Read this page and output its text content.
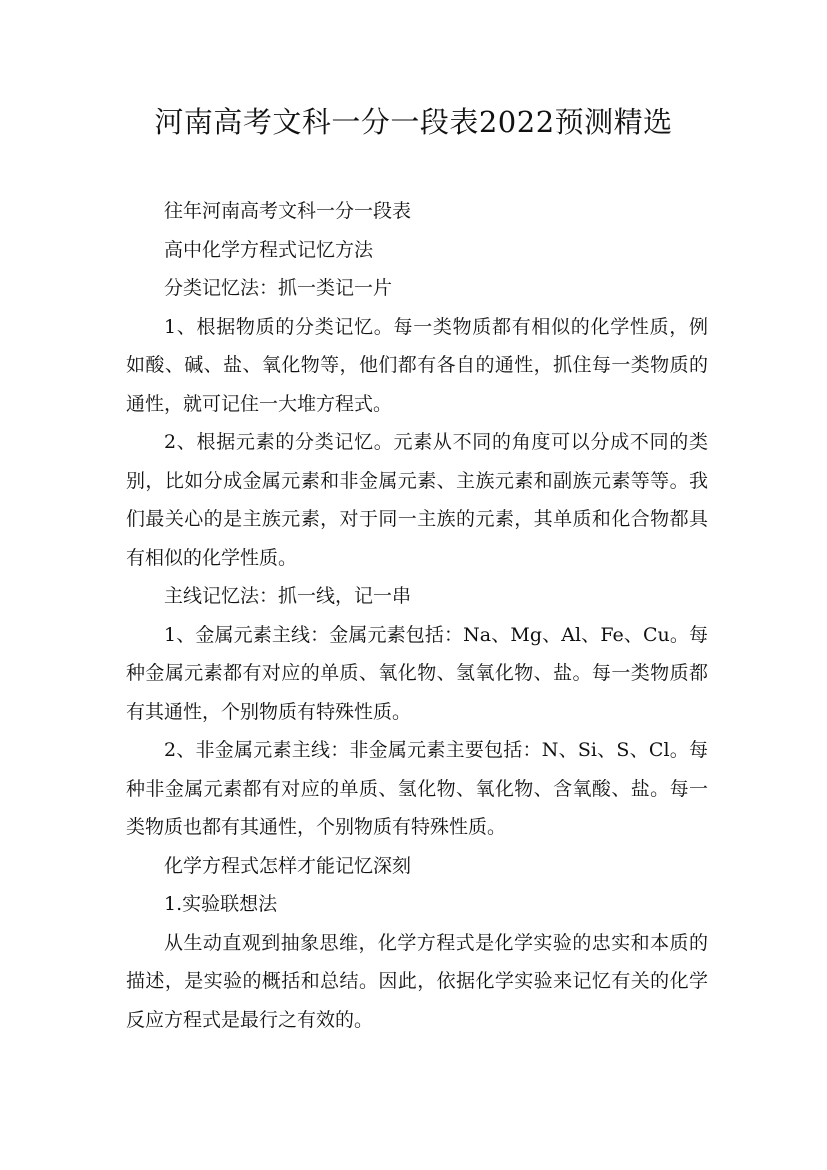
河南高考文科一分一段表2022预测精选

往年河南高考文科一分一段表

高中化学方程式记忆方法

分类记忆法：抓一类记一片

1、根据物质的分类记忆。每一类物质都有相似的化学性质，例如酸、碱、盐、氧化物等，他们都有各自的通性，抓住每一类物质的通性，就可记住一大堆方程式。

2、根据元素的分类记忆。元素从不同的角度可以分成不同的类别，比如分成金属元素和非金属元素、主族元素和副族元素等等。我们最关心的是主族元素，对于同一主族的元素，其单质和化合物都具有相似的化学性质。

主线记忆法：抓一线，记一串

1、金属元素主线：金属元素包括：Na、Mg、Al、Fe、Cu。每种金属元素都有对应的单质、氧化物、氢氧化物、盐。每一类物质都有其通性，个别物质有特殊性质。

2、非金属元素主线：非金属元素主要包括：N、Si、S、Cl。每种非金属元素都有对应的单质、氢化物、氧化物、含氧酸、盐。每一类物质也都有其通性，个别物质有特殊性质。

化学方程式怎样才能记忆深刻

1.实验联想法

从生动直观到抽象思维，化学方程式是化学实验的忠实和本质的描述，是实验的概括和总结。因此，依据化学实验来记忆有关的化学反应方程式是最行之有效的。
